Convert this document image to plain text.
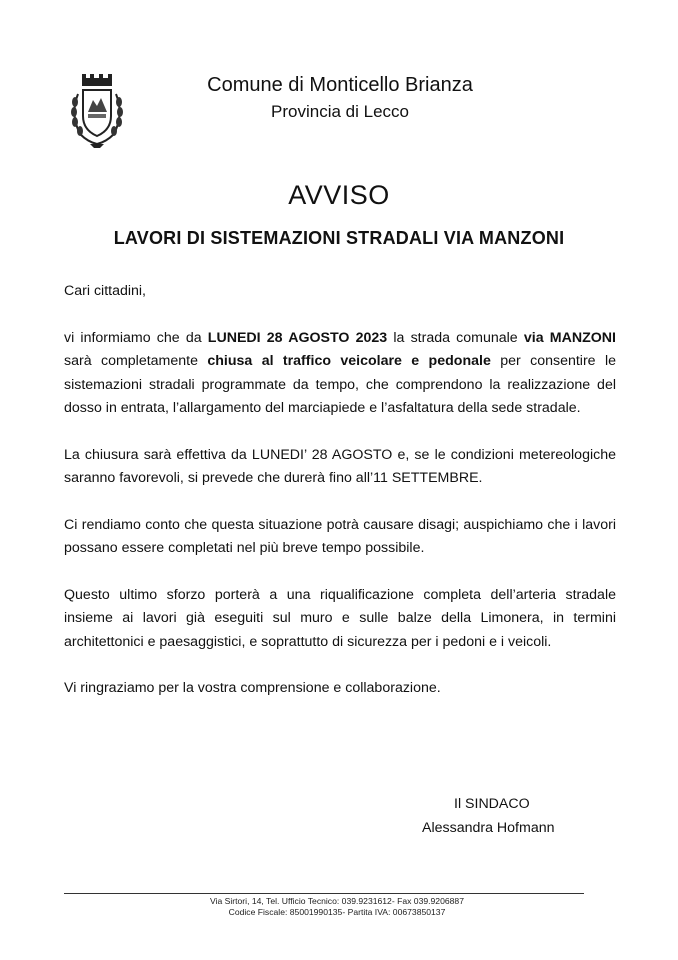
Comune di Monticello Brianza
Provincia di Lecco
AVVISO
LAVORI DI SISTEMAZIONI STRADALI VIA MANZONI

Cari cittadini,

vi informiamo che da LUNEDI 28 AGOSTO 2023 la strada comunale via MANZONI sarà completamente chiusa al traffico veicolare e pedonale per consentire le sistemazioni stradali programmate da tempo, che comprendono la realizzazione del dosso in entrata, l’allargamento del marciapiede e l’asfaltatura della sede stradale.

La chiusura sarà effettiva da LUNEDI’ 28 AGOSTO e, se le condizioni metereologiche saranno favorevoli, si prevede che durerà fino all’11 SETTEMBRE.

Ci rendiamo conto che questa situazione potrà causare disagi; auspichiamo che i lavori possano essere completati nel più breve tempo possibile.

Questo ultimo sforzo porterà a una riqualificazione completa dell’arteria stradale insieme ai lavori già eseguiti sul muro e sulle balze della Limonera, in termini architettonici e paesaggistici, e soprattutto di sicurezza per i pedoni e i veicoli.

Vi ringraziamo per la vostra comprensione e collaborazione.

Il SINDACO
Alessandra Hofmann
Via Sirtori, 14, Tel. Ufficio Tecnico: 039.9231612- Fax 039.9206887
Codice Fiscale: 85001990135- Partita IVA: 00673850137
